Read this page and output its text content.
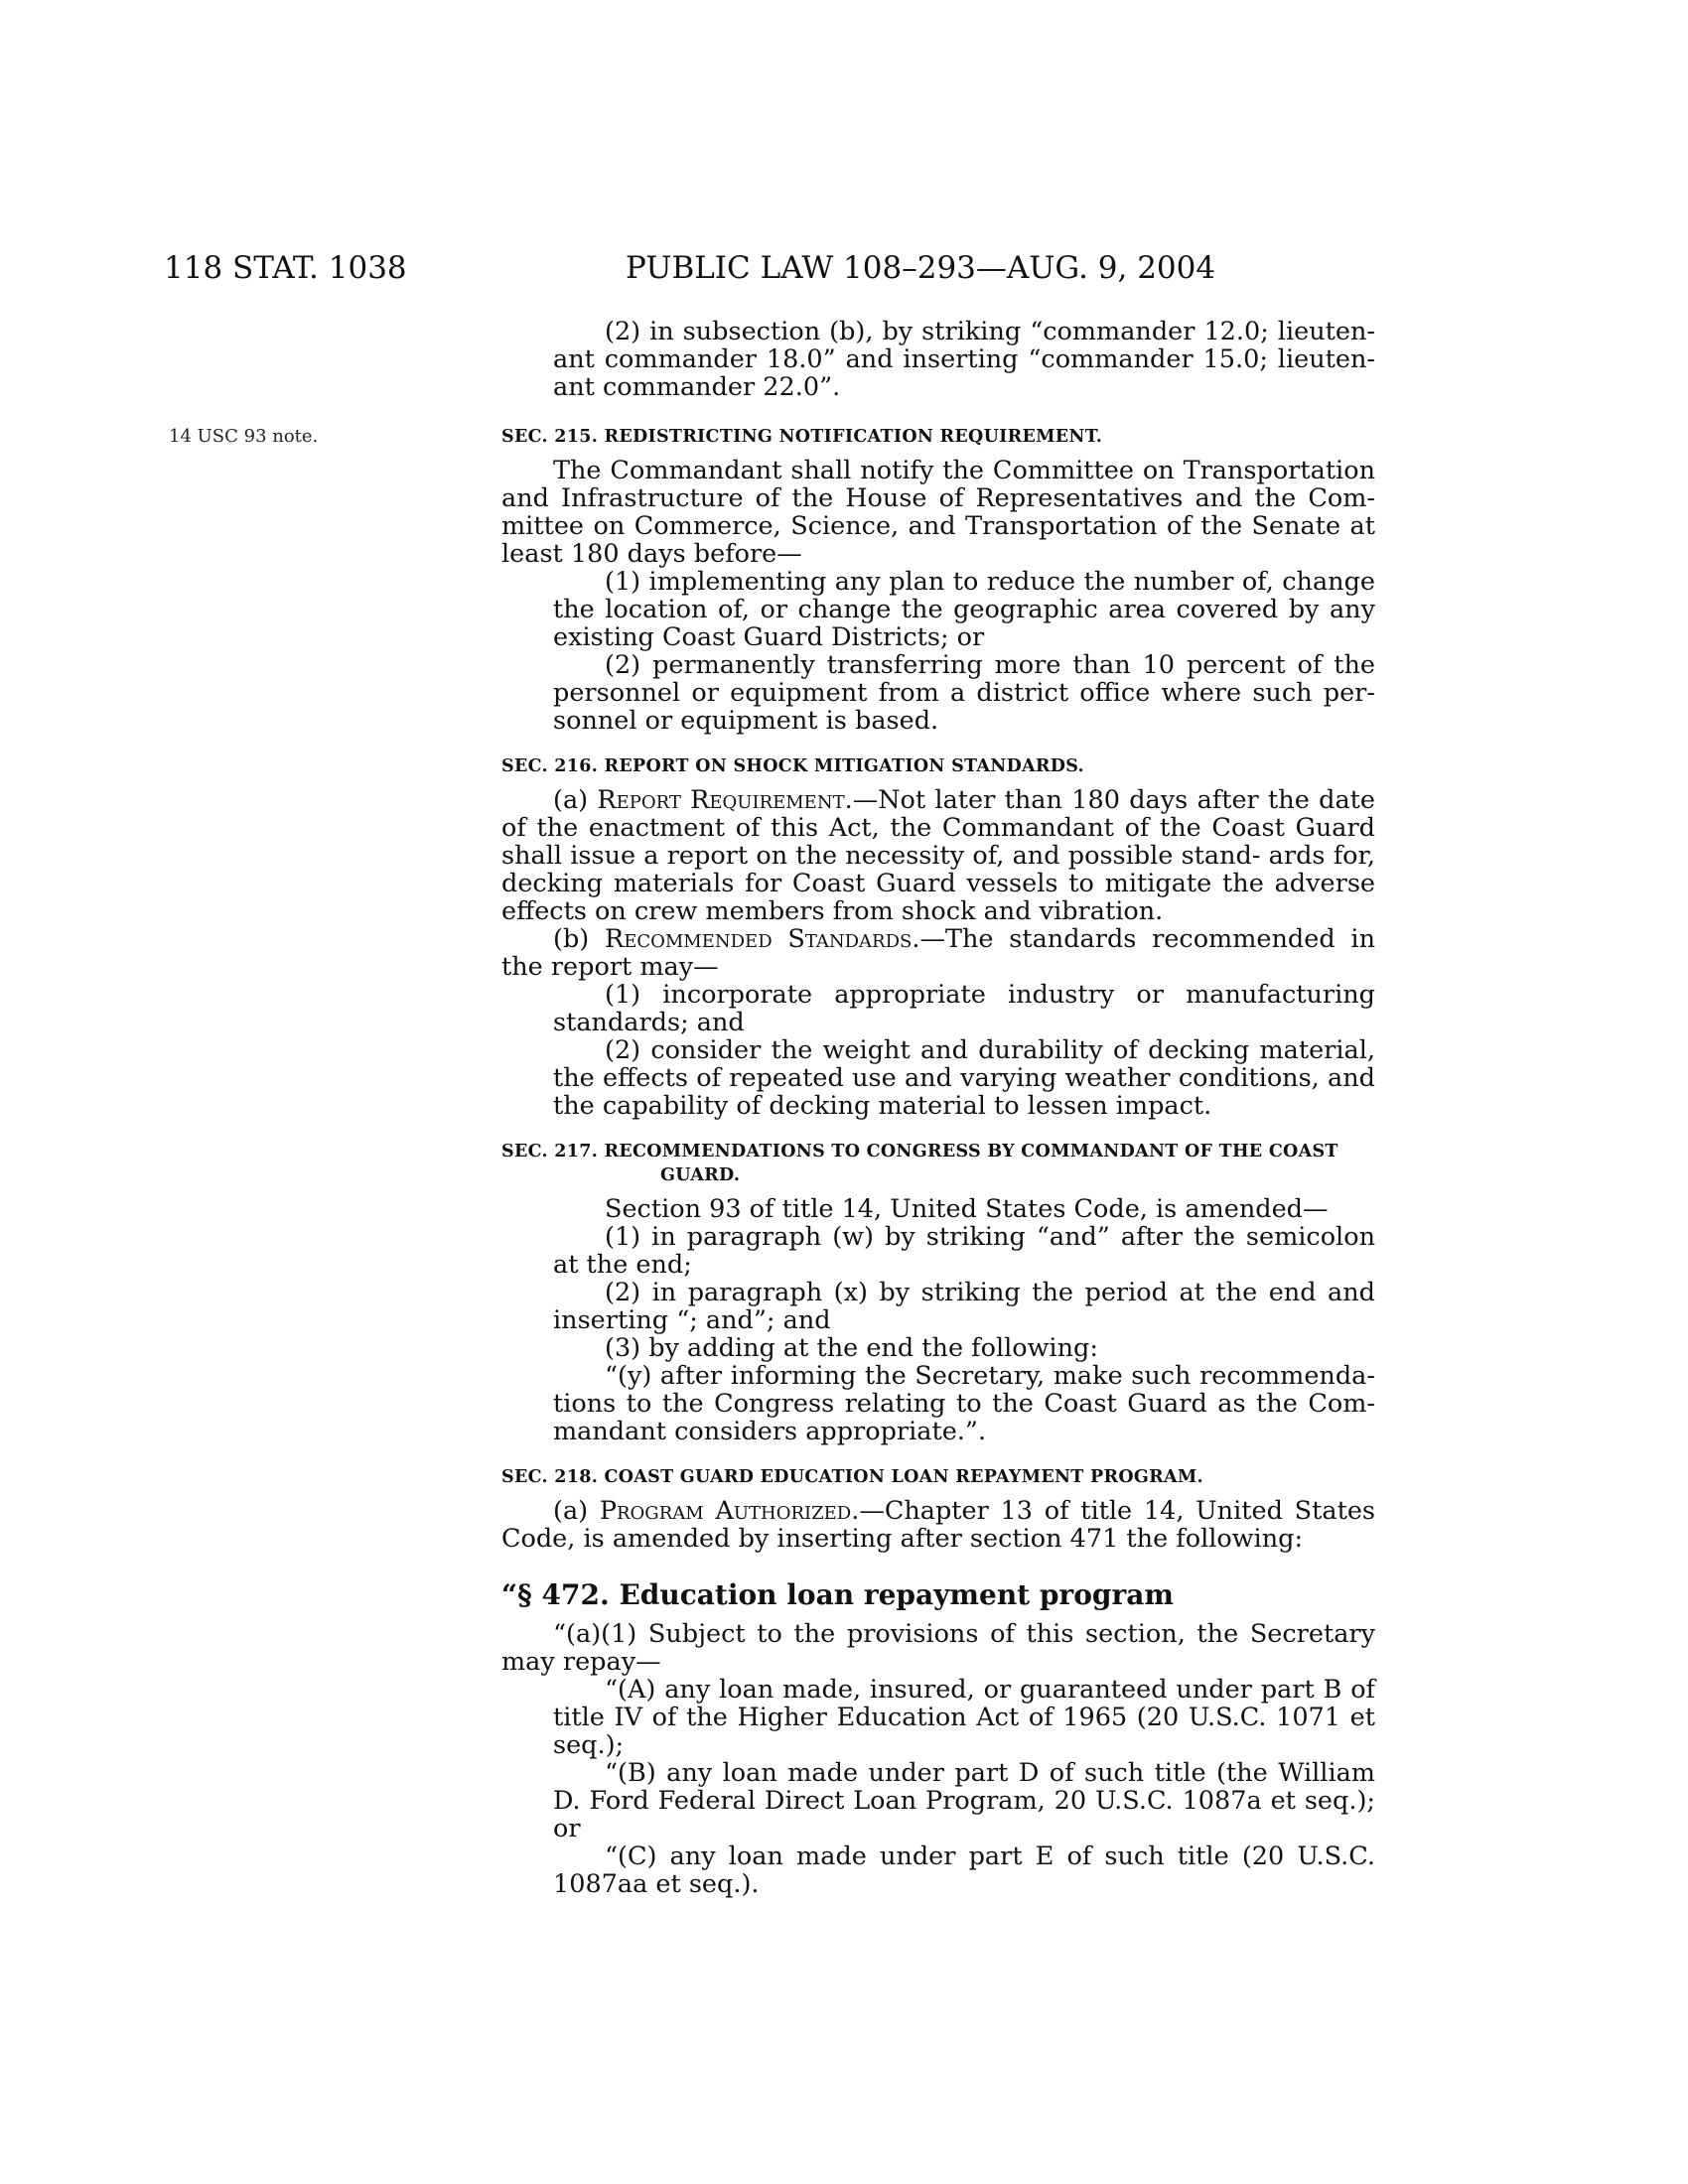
118 STAT. 1038	PUBLIC LAW 108–293—AUG. 9, 2004
14 USC 93 note.

(2) in subsection (b), by striking “commander 12.0; lieuten- ant commander 18.0” and inserting “commander 15.0; lieuten- ant commander 22.0”.

SEC. 215. REDISTRICTING NOTIFICATION REQUIREMENT.

The Commandant shall notify the Committee on Transportation and Infrastructure of the House of Representatives and the Com- mittee on Commerce, Science, and Transportation of the Senate at least 180 days before—

(1) implementing any plan to reduce the number of, change the location of, or change the geographic area covered by any existing Coast Guard Districts; or

(2) permanently transferring more than 10 percent of the personnel or equipment from a district office where such per- sonnel or equipment is based.

SEC. 216. REPORT ON SHOCK MITIGATION STANDARDS.

(a) Report Requirement.—Not later than 180 days after the date of the enactment of this Act, the Commandant of the Coast Guard shall issue a report on the necessity of, and possible stand- ards for, decking materials for Coast Guard vessels to mitigate the adverse effects on crew members from shock and vibration.

(b) Recommended Standards.—The standards recommended in the report may—

(1) incorporate appropriate industry or manufacturing standards; and

(2) consider the weight and durability of decking material, the effects of repeated use and varying weather conditions, and the capability of decking material to lessen impact.

SEC. 217. RECOMMENDATIONS TO CONGRESS BY COMMANDANT OF THE COAST GUARD.

Section 93 of title 14, United States Code, is amended—

(1) in paragraph (w) by striking “and” after the semicolon at the end;

(2) in paragraph (x) by striking the period at the end and inserting “; and”; and

(3) by adding at the end the following:

“(y) after informing the Secretary, make such recommenda- tions to the Congress relating to the Coast Guard as the Com- mandant considers appropriate.”.

SEC. 218. COAST GUARD EDUCATION LOAN REPAYMENT PROGRAM.

(a) Program Authorized.—Chapter 13 of title 14, United States Code, is amended by inserting after section 471 the following:

“§ 472. Education loan repayment program

“(a)(1) Subject to the provisions of this section, the Secretary may repay—

“(A) any loan made, insured, or guaranteed under part B of title IV of the Higher Education Act of 1965 (20 U.S.C. 1071 et seq.);

“(B) any loan made under part D of such title (the William D. Ford Federal Direct Loan Program, 20 U.S.C. 1087a et seq.); or

“(C) any loan made under part E of such title (20 U.S.C. 1087aa et seq.).
